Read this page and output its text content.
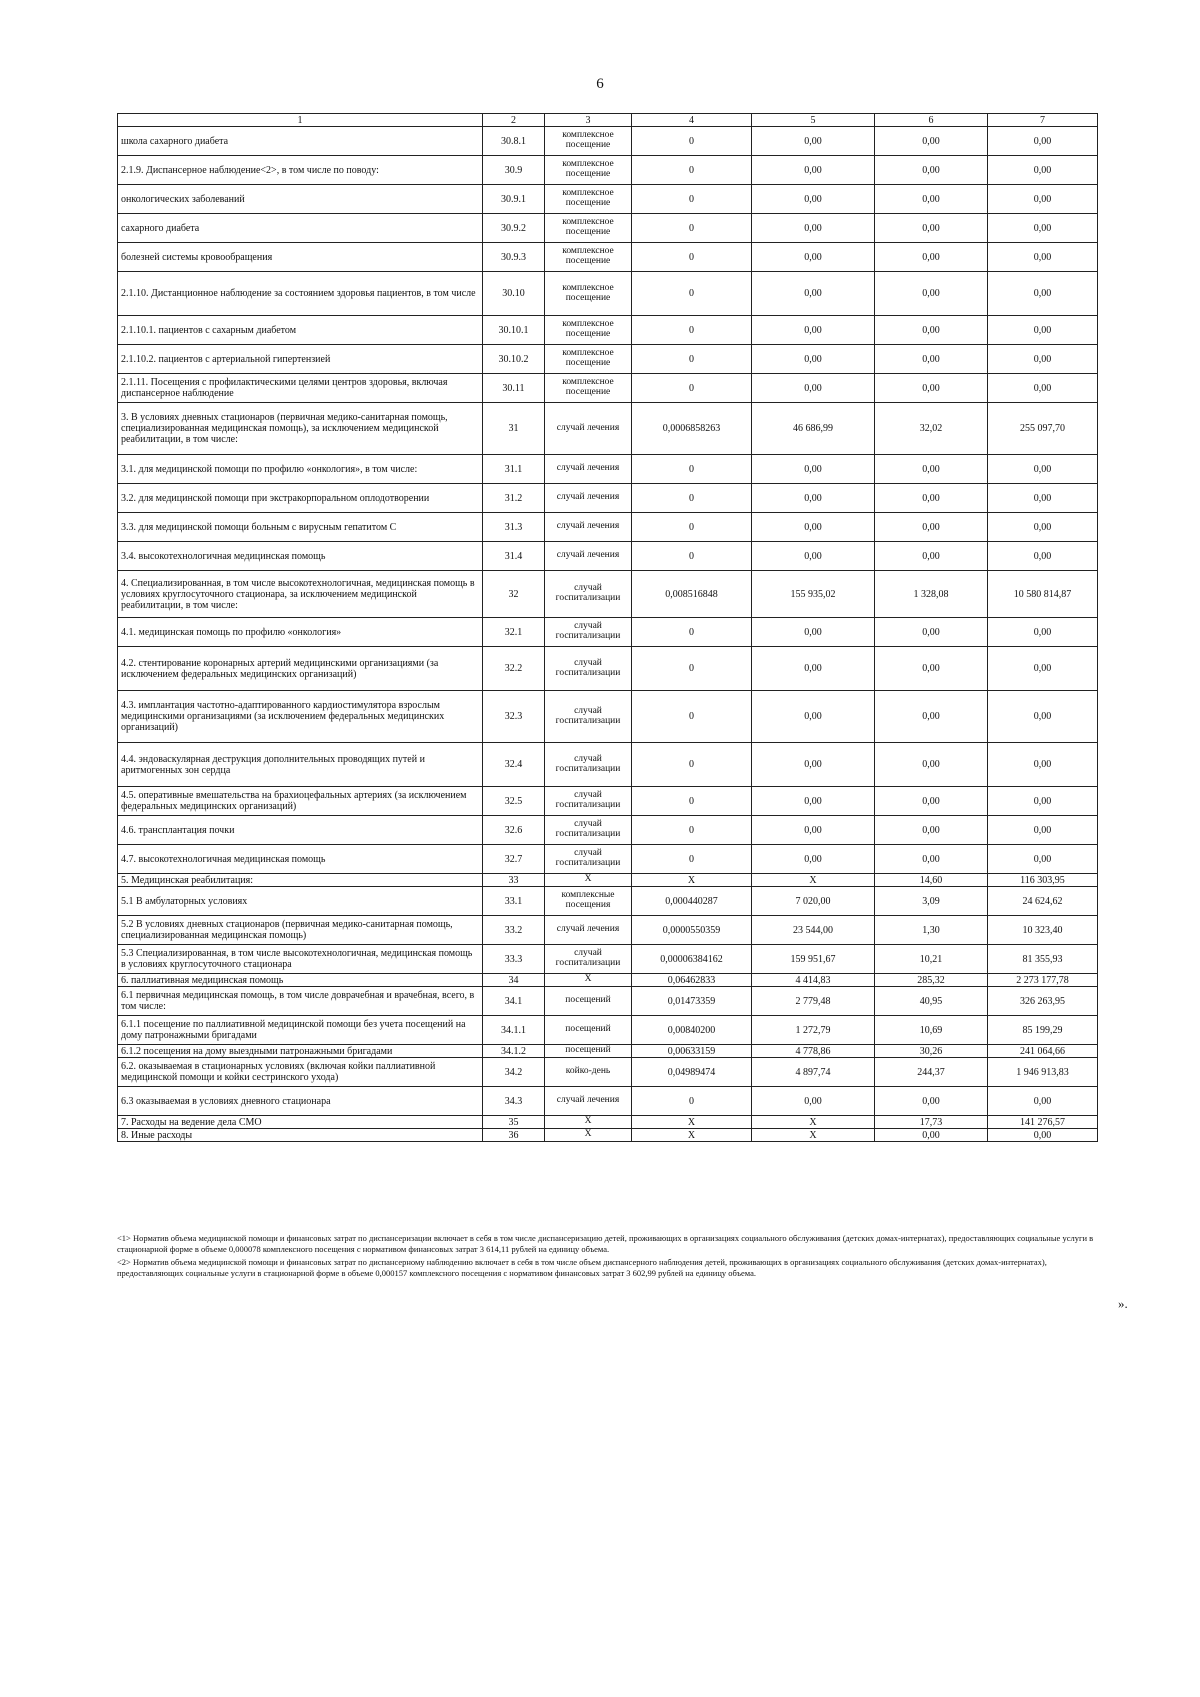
6
1	2	3	4	5	6	7
школа сахарного диабета	30.8.1	комплексное посещение	0	0,00	0,00	0,00
2.1.9. Диспансерное наблюдение<2>, в том числе по поводу:	30.9	комплексное посещение	0	0,00	0,00	0,00
онкологических заболеваний	30.9.1	комплексное посещение	0	0,00	0,00	0,00
сахарного диабета	30.9.2	комплексное посещение	0	0,00	0,00	0,00
болезней системы кровообращения	30.9.3	комплексное посещение	0	0,00	0,00	0,00
2.1.10. Дистанционное наблюдение за состоянием здоровья пациентов, в том числе	30.10	комплексное посещение	0	0,00	0,00	0,00
2.1.10.1. пациентов с сахарным диабетом	30.10.1	комплексное посещение	0	0,00	0,00	0,00
2.1.10.2. пациентов с артериальной гипертензией	30.10.2	комплексное посещение	0	0,00	0,00	0,00
2.1.11. Посещения с профилактическими целями центров здоровья, включая диспансерное наблюдение	30.11	комплексное посещение	0	0,00	0,00	0,00
3. В условиях дневных стационаров (первичная медико-санитарная помощь, специализированная медицинская помощь), за исключением медицинской реабилитации, в том числе:	31	случай лечения	0,0006858263	46 686,99	32,02	255 097,70
3.1. для медицинской помощи по профилю «онкология», в том числе:	31.1	случай лечения	0	0,00	0,00	0,00
3.2. для медицинской помощи при экстракорпоральном оплодотворении	31.2	случай лечения	0	0,00	0,00	0,00
3.3. для медицинской помощи больным с вирусным гепатитом С	31.3	случай лечения	0	0,00	0,00	0,00
3.4. высокотехнологичная медицинская помощь	31.4	случай лечения	0	0,00	0,00	0,00
4. Специализированная, в том числе высокотехнологичная, медицинская помощь в условиях круглосуточного стационара, за исключением медицинской реабилитации, в том числе:	32	случай госпитализации	0,008516848	155 935,02	1 328,08	10 580 814,87
4.1. медицинская помощь по профилю «онкология»	32.1	случай госпитализации	0	0,00	0,00	0,00
4.2. стентирование коронарных артерий медицинскими организациями (за исключением федеральных медицинских организаций)	32.2	случай госпитализации	0	0,00	0,00	0,00
4.3. имплантация частотно-адаптированного кардиостимулятора взрослым медицинскими организациями (за исключением федеральных медицинских организаций)	32.3	случай госпитализации	0	0,00	0,00	0,00
4.4. эндоваскулярная деструкция дополнительных проводящих путей и аритмогенных зон сердца	32.4	случай госпитализации	0	0,00	0,00	0,00
4.5. оперативные вмешательства на брахиоцефальных артериях (за исключением федеральных медицинских организаций)	32.5	случай госпитализации	0	0,00	0,00	0,00
4.6. трансплантация почки	32.6	случай госпитализации	0	0,00	0,00	0,00
4.7. высокотехнологичная медицинская помощь	32.7	случай госпитализации	0	0,00	0,00	0,00
5. Медицинская реабилитация:	33	X	X	X	14,60	116 303,95
5.1 В амбулаторных условиях	33.1	комплексные посещения	0,000440287	7 020,00	3,09	24 624,62
5.2 В условиях дневных стационаров (первичная медико-санитарная помощь, специализированная медицинская помощь)	33.2	случай лечения	0,0000550359	23 544,00	1,30	10 323,40
5.3 Специализированная, в том числе высокотехнологичная, медицинская помощь в условиях круглосуточного стационара	33.3	случай госпитализации	0,00006384162	159 951,67	10,21	81 355,93
6. паллиативная медицинская помощь	34	X	0,06462833	4 414,83	285,32	2 273 177,78
6.1 первичная медицинская помощь, в том числе доврачебная и врачебная, всего, в том числе:	34.1	посещений	0,01473359	2 779,48	40,95	326 263,95
6.1.1 посещение по паллиативной медицинской помощи без учета посещений на дому патронажными бригадами	34.1.1	посещений	0,00840200	1 272,79	10,69	85 199,29
6.1.2 посещения на дому выездными патронажными бригадами	34.1.2	посещений	0,00633159	4 778,86	30,26	241 064,66
6.2. оказываемая в стационарных условиях (включая койки паллиативной медицинской помощи и койки сестринского ухода)	34.2	койко-день	0,04989474	4 897,74	244,37	1 946 913,83
6.3 оказываемая в условиях дневного стационара	34.3	случай лечения	0	0,00	0,00	0,00
7. Расходы на ведение дела СМО	35	X	X	X	17,73	141 276,57
8. Иные расходы	36	X	X	X	0,00	0,00

<1> Норматив объема медицинской помощи и финансовых затрат по диспансеризации включает в себя в том числе диспансеризацию детей, проживающих в организациях социального обслуживания (детских домах-интернатах), предоставляющих социальные услуги в стационарной форме в объеме 0,000078 комплексного посещения с нормативом финансовых затрат 3 614,11 рублей на единицу объема.

<2> Норматив объема медицинской помощи и финансовых затрат по диспансерному наблюдению включает в себя в том числе объем диспансерного наблюдения детей, проживающих в организациях социального обслуживания (детских домах-интернатах), предоставляющих социальные услуги в стационарной форме в объеме 0,000157 комплексного посещения с нормативом финансовых затрат 3 602,99 рублей на единицу объема.

».
